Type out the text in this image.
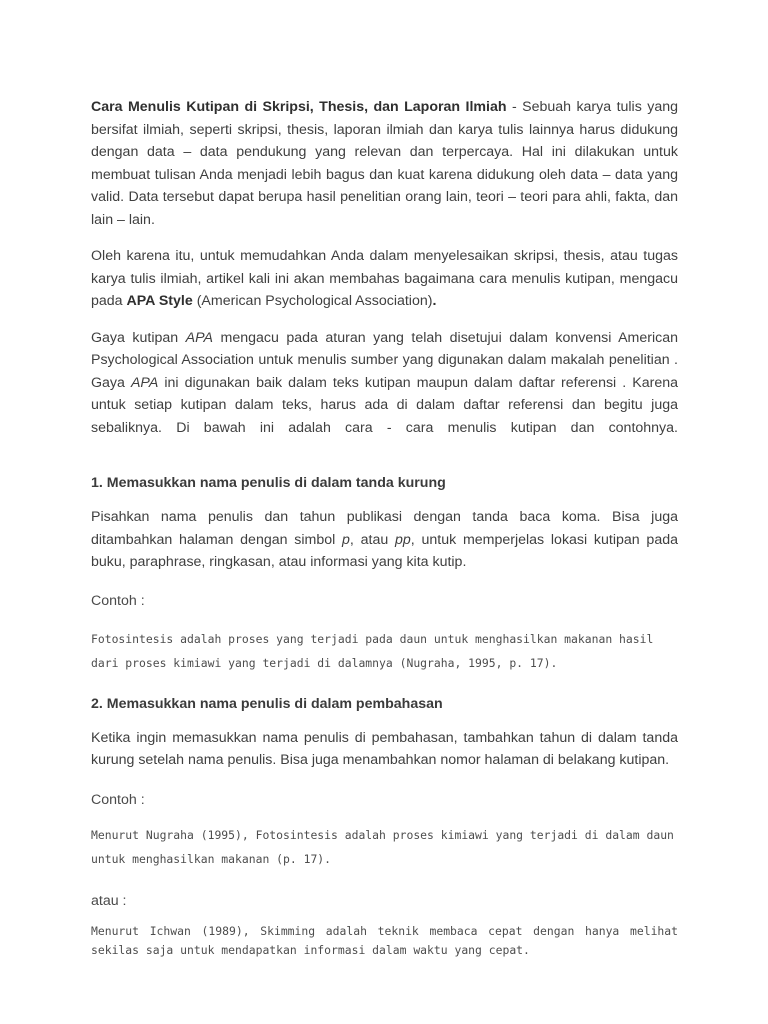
Cara Menulis Kutipan di Skripsi, Thesis, dan Laporan Ilmiah - Sebuah karya tulis yang bersifat ilmiah, seperti skripsi, thesis, laporan ilmiah dan karya tulis lainnya harus didukung dengan data – data pendukung yang relevan dan terpercaya. Hal ini dilakukan untuk membuat tulisan Anda menjadi lebih bagus dan kuat karena didukung oleh data – data yang valid. Data tersebut dapat berupa hasil penelitian orang lain, teori – teori para ahli, fakta, dan lain – lain.

Oleh karena itu, untuk memudahkan Anda dalam menyelesaikan skripsi, thesis, atau tugas karya tulis ilmiah, artikel kali ini akan membahas bagaimana cara menulis kutipan, mengacu pada APA Style (American Psychological Association).

Gaya kutipan APA mengacu pada aturan yang telah disetujui dalam konvensi American Psychological Association untuk menulis sumber yang digunakan dalam makalah penelitian . Gaya APA ini digunakan baik dalam teks kutipan maupun dalam daftar referensi . Karena untuk setiap kutipan dalam teks, harus ada di dalam daftar referensi dan begitu juga sebaliknya. Di bawah ini adalah cara - cara menulis kutipan dan contohnya.

1. Memasukkan nama penulis di dalam tanda kurung

Pisahkan nama penulis dan tahun publikasi dengan tanda baca koma. Bisa juga ditambahkan halaman dengan simbol p, atau pp, untuk memperjelas lokasi kutipan pada buku, paraphrase, ringkasan, atau informasi yang kita kutip.

Contoh :

Fotosintesis adalah proses yang terjadi pada daun untuk menghasilkan makanan hasil dari proses kimiawi yang terjadi di dalamnya (Nugraha, 1995, p. 17).

2. Memasukkan nama penulis di dalam pembahasan

Ketika ingin memasukkan nama penulis di pembahasan, tambahkan tahun di dalam tanda kurung setelah nama penulis. Bisa juga menambahkan nomor halaman di belakang kutipan.

Contoh :

Menurut Nugraha (1995), Fotosintesis adalah proses kimiawi yang terjadi di dalam daun untuk menghasilkan makanan (p. 17).

atau :

Menurut Ichwan (1989), Skimming adalah teknik membaca cepat dengan hanya melihat sekilas saja untuk mendapatkan informasi dalam waktu yang cepat.
